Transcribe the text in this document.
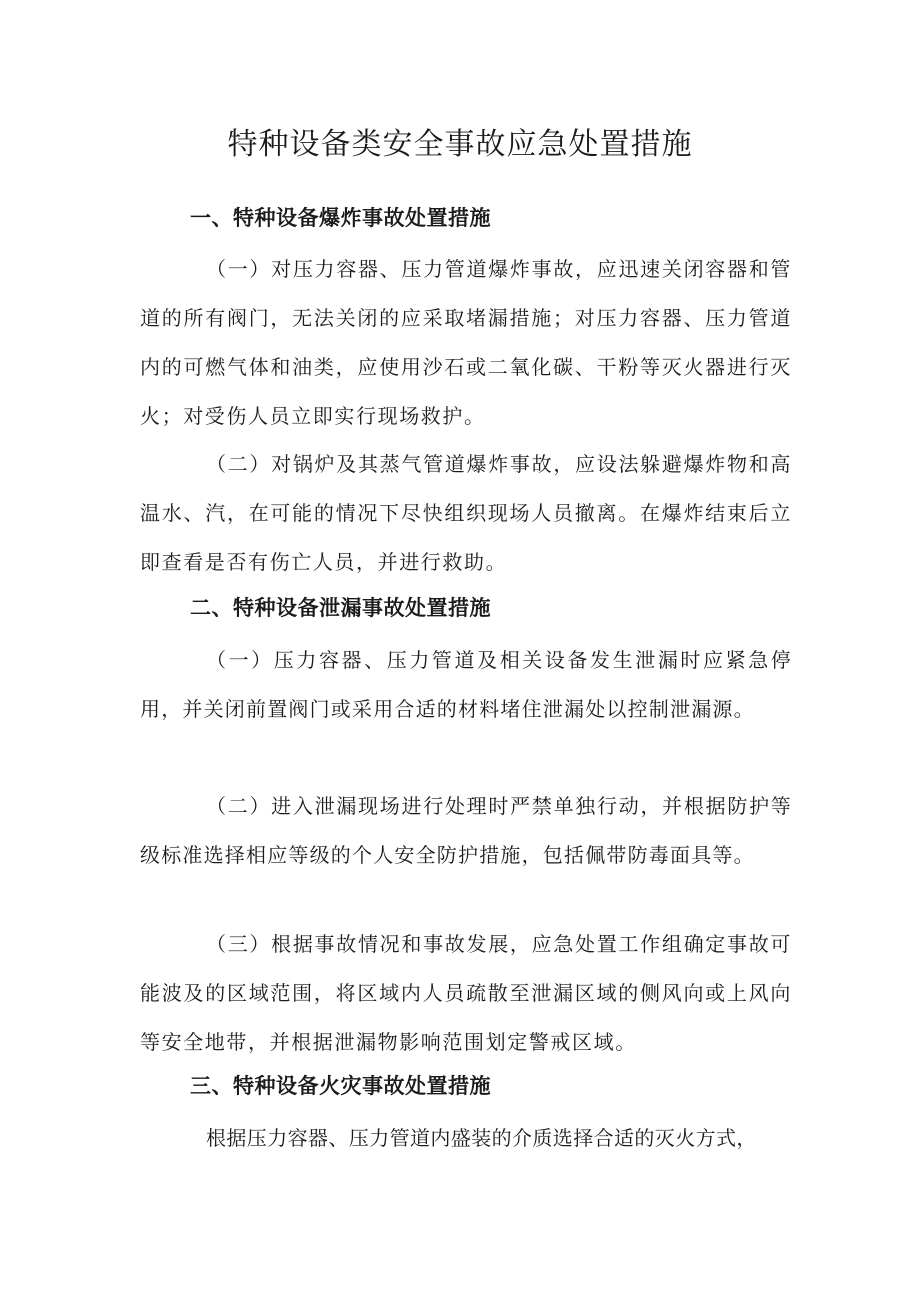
特种设备类安全事故应急处置措施
一、特种设备爆炸事故处置措施

（一）对压力容器、压力管道爆炸事故，应迅速关闭容器和管道的所有阀门，无法关闭的应采取堵漏措施；对压力容器、压力管道内的可燃气体和油类，应使用沙石或二氧化碳、干粉等灭火器进行灭火；对受伤人员立即实行现场救护。

（二）对锅炉及其蒸气管道爆炸事故，应设法躲避爆炸物和高温水、汽，在可能的情况下尽快组织现场人员撤离。在爆炸结束后立即查看是否有伤亡人员，并进行救助。

二、特种设备泄漏事故处置措施

（一）压力容器、压力管道及相关设备发生泄漏时应紧急停用，并关闭前置阀门或采用合适的材料堵住泄漏处以控制泄漏源。

（二）进入泄漏现场进行处理时严禁单独行动，并根据防护等级标准选择相应等级的个人安全防护措施，包括佩带防毒面具等。

（三）根据事故情况和事故发展，应急处置工作组确定事故可能波及的区域范围，将区域内人员疏散至泄漏区域的侧风向或上风向等安全地带，并根据泄漏物影响范围划定警戒区域。

三、特种设备火灾事故处置措施

根据压力容器、压力管道内盛装的介质选择合适的灭火方式，
